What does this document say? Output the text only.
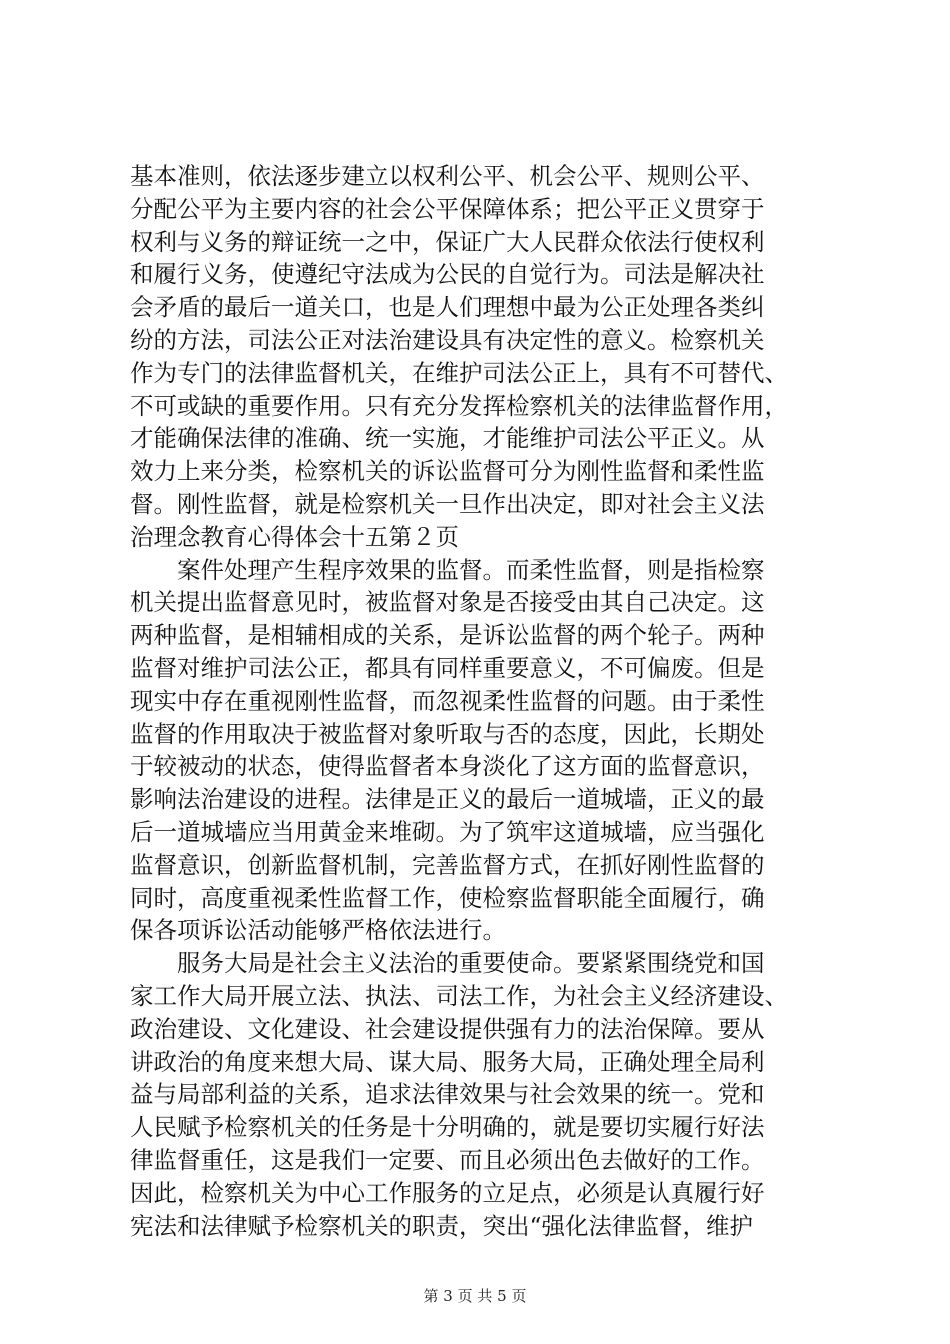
基本准则，依法逐步建立以权利公平、机会公平、规则公平、
分配公平为主要内容的社会公平保障体系；把公平正义贯穿于
权利与义务的辩证统一之中，保证广大人民群众依法行使权利
和履行义务，使遵纪守法成为公民的自觉行为。司法是解决社
会矛盾的最后一道关口，也是人们理想中最为公正处理各类纠
纷的方法，司法公正对法治建设具有决定性的意义。检察机关
作为专门的法律监督机关，在维护司法公正上，具有不可替代、
不可或缺的重要作用。只有充分发挥检察机关的法律监督作用，
才能确保法律的准确、统一实施，才能维护司法公平正义。从
效力上来分类，检察机关的诉讼监督可分为刚性监督和柔性监
督。刚性监督，就是检察机关一旦作出决定，即对社会主义法
治理念教育心得体会十五第２页
　　案件处理产生程序效果的监督。而柔性监督，则是指检察
机关提出监督意见时，被监督对象是否接受由其自己决定。这
两种监督，是相辅相成的关系，是诉讼监督的两个轮子。两种
监督对维护司法公正，都具有同样重要意义，不可偏废。但是
现实中存在重视刚性监督，而忽视柔性监督的问题。由于柔性
监督的作用取决于被监督对象听取与否的态度，因此，长期处
于较被动的状态，使得监督者本身淡化了这方面的监督意识，
影响法治建设的进程。法律是正义的最后一道城墙，正义的最
后一道城墙应当用黄金来堆砌。为了筑牢这道城墙，应当强化
监督意识，创新监督机制，完善监督方式，在抓好刚性监督的
同时，高度重视柔性监督工作，使检察监督职能全面履行，确
保各项诉讼活动能够严格依法进行。
　　服务大局是社会主义法治的重要使命。要紧紧围绕党和国
家工作大局开展立法、执法、司法工作，为社会主义经济建设、
政治建设、文化建设、社会建设提供强有力的法治保障。要从
讲政治的角度来想大局、谋大局、服务大局，正确处理全局利
益与局部利益的关系，追求法律效果与社会效果的统一。党和
人民赋予检察机关的任务是十分明确的，就是要切实履行好法
律监督重任，这是我们一定要、而且必须出色去做好的工作。
因此，检察机关为中心工作服务的立足点，必须是认真履行好
宪法和法律赋予检察机关的职责，突出“强化法律监督，维护
第 3 页 共 5 页
